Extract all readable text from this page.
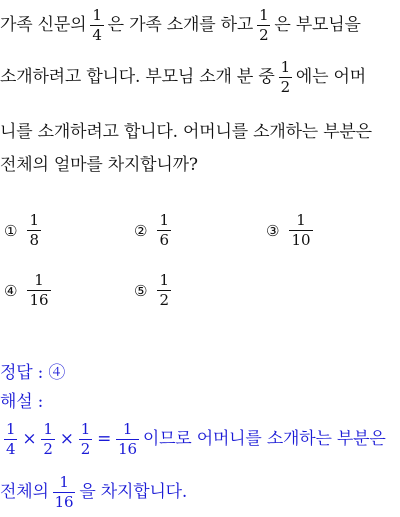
가족 신문의 $\frac{1}{4}$ 은 가족 소개를 하고 $\frac{1}{2}$ 은 부모님을
소개하려고 합니다. 부모님 소개 분 중 $\frac{1}{2}$ 에는 어머
니를 소개하려고 합니다. 어머니를 소개하는 부분은
전체의 얼마를 차지합니까?
① $\frac{1}{8}$	② $\frac{1}{6}$	③ $\frac{1}{10}$
④ $\frac{1}{16}$	⑤ $\frac{1}{2}$
정답 : ④
해설 :
$\frac{1}{4} \times \frac{1}{2} \times \frac{1}{2} = \frac{1}{16}$ 이므로 어머니를 소개하는 부분은
전체의 $\frac{1}{16}$ 을 차지합니다.
